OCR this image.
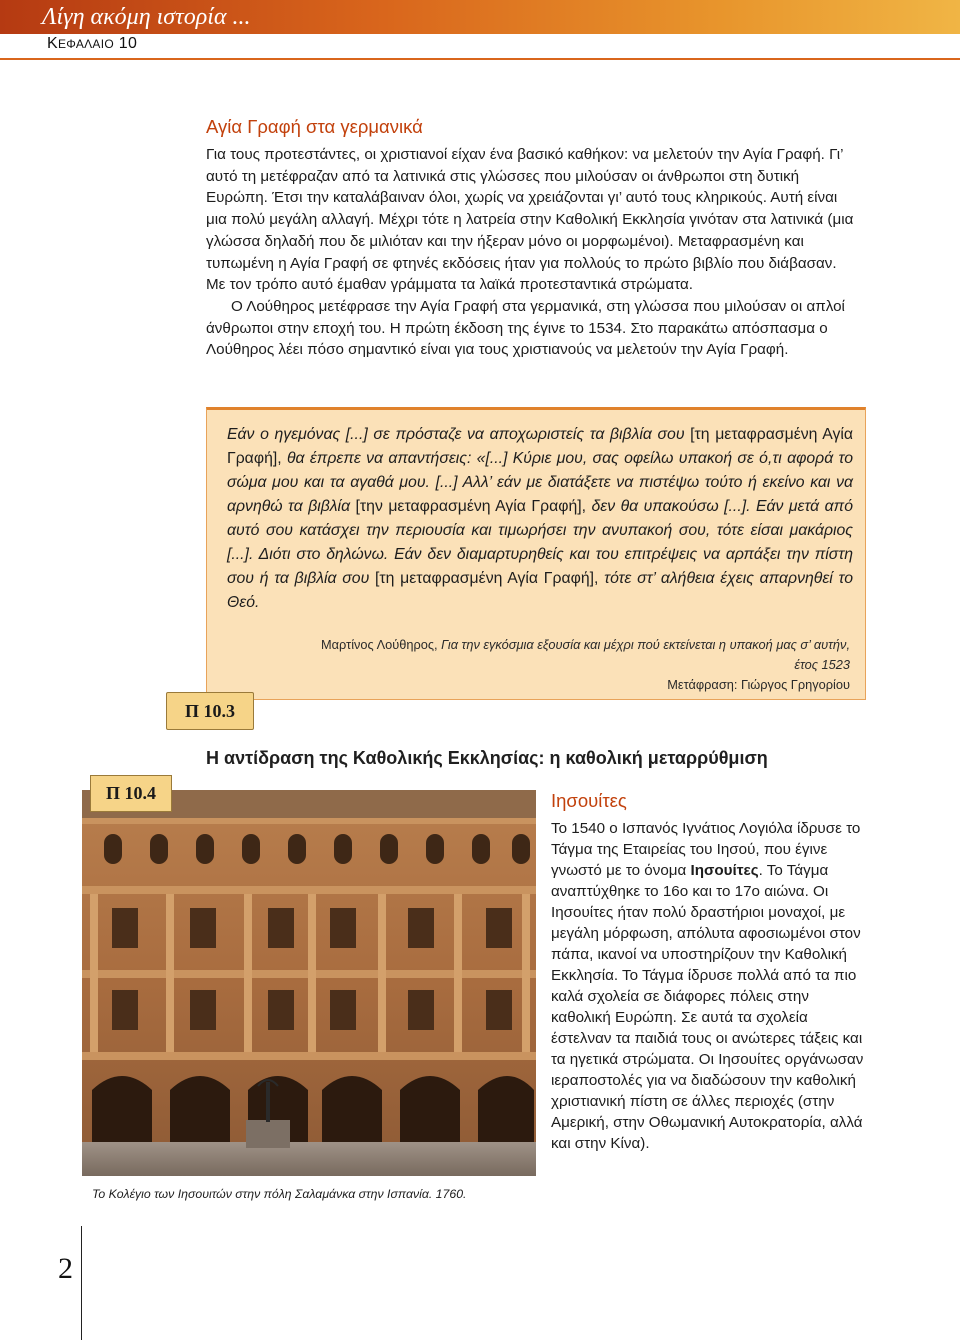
Λίγη ακόμη ιστορία ...
ΚΕΦΑΛΑΙΟ 10
Αγία Γραφή στα γερμανικά

Για τους προτεστάντες, οι χριστιανοί είχαν ένα βασικό καθήκον: να μελετούν την Αγία Γραφή. Γι’ αυτό τη μετέφραζαν από τα λατινικά στις γλώσσες που μιλούσαν οι άνθρωποι στη δυτική Ευρώπη. Έτσι την καταλάβαιναν όλοι, χωρίς να χρειάζονται γι’ αυτό τους κληρικούς. Αυτή είναι μια πολύ μεγάλη αλλαγή. Μέχρι τότε η λατρεία στην Καθολική Εκκλησία γινόταν στα λατινικά (μια γλώσσα δηλαδή που δε μιλιόταν και την ήξεραν μόνο οι μορφωμένοι). Μεταφρασμένη και τυπωμένη η Αγία Γραφή σε φτηνές εκδόσεις ήταν για πολλούς το πρώτο βιβλίο που διάβασαν. Με τον τρόπο αυτό έμαθαν γράμματα τα λαϊκά προτεσταντικά στρώματα.

Ο Λούθηρος μετέφρασε την Αγία Γραφή στα γερμανικά, στη γλώσσα που μιλούσαν οι απλοί άνθρωποι στην εποχή του. Η πρώτη έκδοση της έγινε το 1534. Στο παρακάτω απόσπασμα ο Λούθηρος λέει πόσο σημαντικό είναι για τους χριστιανούς να μελετούν την Αγία Γραφή.

Εάν ο ηγεμόνας [...] σε πρόσταζε να αποχωριστείς τα βιβλία σου [τη μεταφρασμένη Αγία Γραφή], θα έπρεπε να απαντήσεις: «[...] Κύριε μου, σας οφείλω υπακοή σε ό,τι αφορά το σώμα μου και τα αγαθά μου. [...] Αλλ’ εάν με διατάξετε να πιστέψω τούτο ή εκείνο και να αρνηθώ τα βιβλία [την μεταφρασμένη Αγία Γραφή], δεν θα υπακούσω [...]. Εάν μετά από αυτό σου κατάσχει την περιουσία και τιμωρήσει την ανυπακοή σου, τότε είσαι μακάριος [...]. Διότι στο δηλώνω. Εάν δεν διαμαρτυρηθείς και του επιτρέψεις να αρπάξει την πίστη σου ή τα βιβλία σου [τη μεταφρασμένη Αγία Γραφή], τότε στ’ αλήθεια έχεις απαρνηθεί το Θεό.
Μαρτίνος Λούθηρος, Για την εγκόσμια εξουσία και μέχρι πού εκτείνεται η υπακοή μας σ’ αυτήν,
έτος 1523
Μετάφραση: Γιώργος Γρηγορίου
Π 10.3
Η αντίδραση της Καθολικής Εκκλησίας: η καθολική μεταρρύθμιση
Π 10.4
Το Κολέγιο των Ιησουιτών στην πόλη Σαλαμάνκα στην Ισπανία. 1760.
Ιησουίτες
Το 1540 ο Ισπανός Ιγνάτιος Λογιόλα ίδρυσε το Τάγμα της Εταιρείας του Ιησού, που έγινε γνωστό με το όνομα Ιησουίτες. Το Τάγμα αναπτύχθηκε το 16ο και το 17ο αιώνα. Οι Ιησουίτες ήταν πολύ δραστήριοι μοναχοί, με μεγάλη μόρφωση, απόλυτα αφοσιωμένοι στον πάπα, ικανοί να υποστηρίζουν την Καθολική Εκκλησία. Το Τάγμα ίδρυσε πολλά από τα πιο καλά σχολεία σε διάφορες πόλεις στην καθολική Ευρώπη. Σε αυτά τα σχολεία έστελναν τα παιδιά τους οι ανώτερες τάξεις και τα ηγετικά στρώματα. Οι Ιησουίτες οργάνωσαν ιεραποστολές για να διαδώσουν την καθολική χριστιανική πίστη σε άλλες περιοχές (στην Αμερική, στην Οθωμανική Αυτοκρατορία, αλλά και στην Κίνα).
2
